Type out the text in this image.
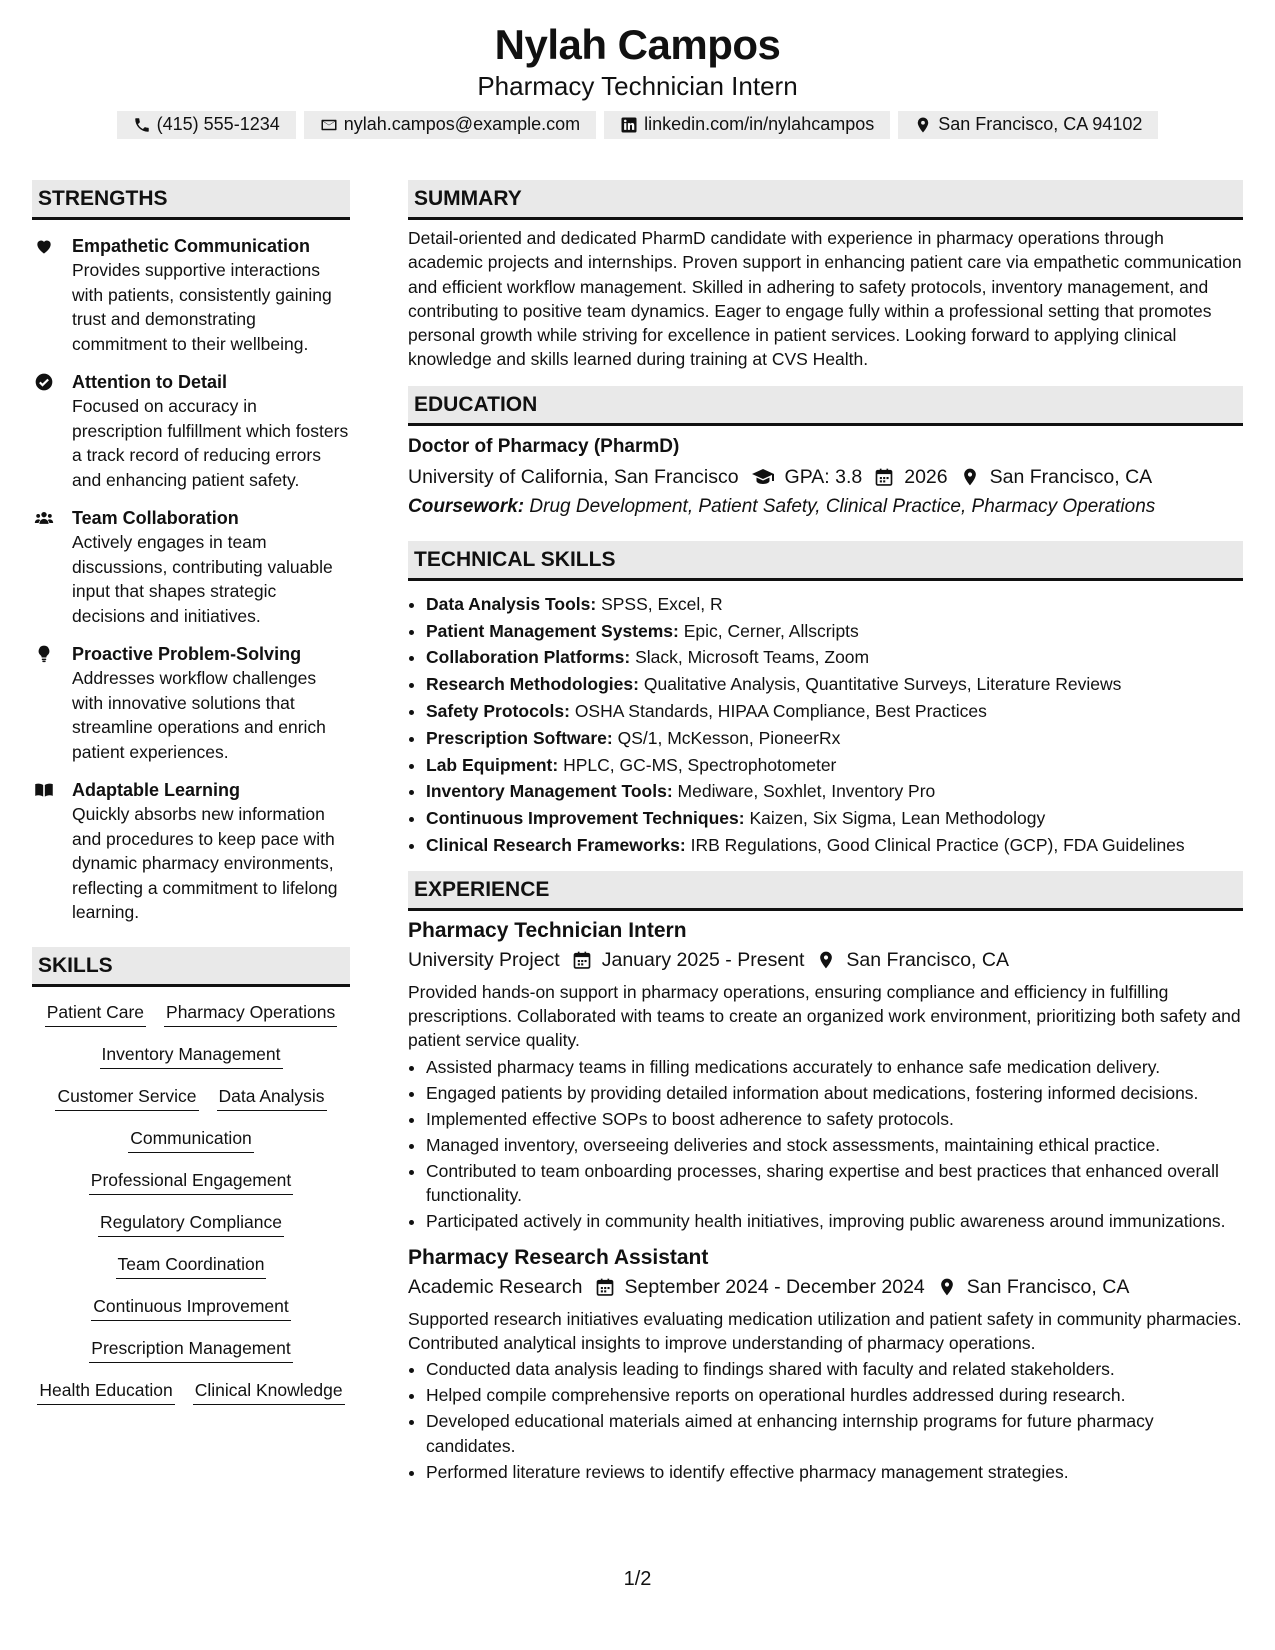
Nylah Campos
Pharmacy Technician Intern
(415) 555-1234	nylah.campos@example.com	linkedin.com/in/nylahcampos	San Francisco, CA 94102
STRENGTHS
Empathetic Communication
Provides supportive interactions with patients, consistently gaining trust and demonstrating commitment to their wellbeing.
Attention to Detail
Focused on accuracy in prescription fulfillment which fosters a track record of reducing errors and enhancing patient safety.
Team Collaboration
Actively engages in team discussions, contributing valuable input that shapes strategic decisions and initiatives.
Proactive Problem-Solving
Addresses workflow challenges with innovative solutions that streamline operations and enrich patient experiences.
Adaptable Learning
Quickly absorbs new information and procedures to keep pace with dynamic pharmacy environments, reflecting a commitment to lifelong learning.
SKILLS
Patient Care Pharmacy Operations
Inventory Management
Customer Service Data Analysis
Communication
Professional Engagement
Regulatory Compliance
Team Coordination
Continuous Improvement
Prescription Management
Health Education Clinical Knowledge
SUMMARY
Detail-oriented and dedicated PharmD candidate with experience in pharmacy operations through academic projects and internships. Proven support in enhancing patient care via empathetic communication and efficient workflow management. Skilled in adhering to safety protocols, inventory management, and contributing to positive team dynamics. Eager to engage fully within a professional setting that promotes personal growth while striving for excellence in patient services. Looking forward to applying clinical knowledge and skills learned during training at CVS Health.
EDUCATION
Doctor of Pharmacy (PharmD)
University of California, San Francisco GPA: 3.8 2026 San Francisco, CA
Coursework: Drug Development, Patient Safety, Clinical Practice, Pharmacy Operations
TECHNICAL SKILLS
• Data Analysis Tools: SPSS, Excel, R
• Patient Management Systems: Epic, Cerner, Allscripts
• Collaboration Platforms: Slack, Microsoft Teams, Zoom
• Research Methodologies: Qualitative Analysis, Quantitative Surveys, Literature Reviews
• Safety Protocols: OSHA Standards, HIPAA Compliance, Best Practices
• Prescription Software: QS/1, McKesson, PioneerRx
• Lab Equipment: HPLC, GC-MS, Spectrophotometer
• Inventory Management Tools: Mediware, Soxhlet, Inventory Pro
• Continuous Improvement Techniques: Kaizen, Six Sigma, Lean Methodology
• Clinical Research Frameworks: IRB Regulations, Good Clinical Practice (GCP), FDA Guidelines
EXPERIENCE
Pharmacy Technician Intern
University Project January 2025 - Present San Francisco, CA
Provided hands-on support in pharmacy operations, ensuring compliance and efficiency in fulfilling prescriptions. Collaborated with teams to create an organized work environment, prioritizing both safety and patient service quality.
• Assisted pharmacy teams in filling medications accurately to enhance safe medication delivery.
• Engaged patients by providing detailed information about medications, fostering informed decisions.
• Implemented effective SOPs to boost adherence to safety protocols.
• Managed inventory, overseeing deliveries and stock assessments, maintaining ethical practice.
• Contributed to team onboarding processes, sharing expertise and best practices that enhanced overall functionality.
• Participated actively in community health initiatives, improving public awareness around immunizations.
Pharmacy Research Assistant
Academic Research September 2024 - December 2024 San Francisco, CA
Supported research initiatives evaluating medication utilization and patient safety in community pharmacies. Contributed analytical insights to improve understanding of pharmacy operations.
• Conducted data analysis leading to findings shared with faculty and related stakeholders.
• Helped compile comprehensive reports on operational hurdles addressed during research.
• Developed educational materials aimed at enhancing internship programs for future pharmacy candidates.
• Performed literature reviews to identify effective pharmacy management strategies.
1/2
